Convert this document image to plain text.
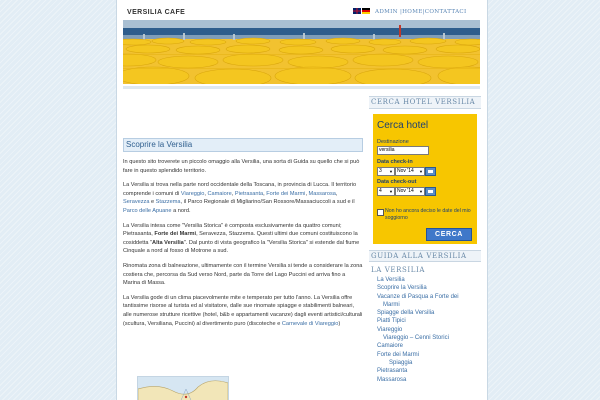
VERSILIA CAFE	ADMIN |HOME|CONTATTACI
Scoprire la Versilia

In questo sito troverete un piccolo omaggio alla Versilia, una sorta di Guida su quello che si può fare in questo splendido territorio.

La Versilia si trova nella parte nord occidentale della Toscana, in provincia di Lucca. Il territorio comprende i comuni di Viareggio, Camaiore, Pietrasanta, Forte dei Marmi, Massarosa, Seravezza e Stazzema, il Parco Regionale di Migliarino/San Rossore/Massaciuccoli a sud e il Parco delle Apuane a nord.

La Versilia intesa come "Versilia Storica" è composta esclusivamente da quattro comuni; Pietrasanta, Forte dei Marmi, Seravezza, Stazzema. Questi ultimi due comuni costituiscono la cosiddetta "Alta Versilia". Dal punto di vista geografico la "Versilia Storica" si estende dal fiume Cinquale a nord al fosso di Motrone a sud.

Rinomata zona di balneazione, ultimamente con il termine Versilia si tende a considerare la zona costiera che, percorsa da Sud verso Nord, parte da Torre del Lago Puccini ed arriva fino a Marina di Massa.

La Versilia gode di un clima piacevolmente mite e temperato per tutto l'anno. La Versilia offre tantissime risorse al turista ed al visitatore, dalle sue rinomate spiagge e stabilimenti balneari, alle numerose strutture ricettive (hotel, b&b e appartamenti vacanze) dagli eventi artistici/culturali (scultura, Versiliana, Puccini) al divertimento puro (discoteche e Carnevale di Viareggio)

CERCA HOTEL VERSILIA
Cerca hotel
Destinazione
versilia
Data check-in
3 ▼ Nov '14 ▼
Data check-out
4 ▼ Nov '14 ▼
Non ho ancora deciso le date del mio soggiorno
CERCA
GUIDA ALLA VERSILIA
LA VERSILIA
La Versilia
Scoprire la Versilia
Vacanze di Pasqua a Forte dei
Marmi
Spiagge della Versilia
Piatti Tipici
Viareggio
Viareggio – Cenni Storici
Camaiore
Forte dei Marmi
Spiaggia
Pietrasanta
Massarosa
